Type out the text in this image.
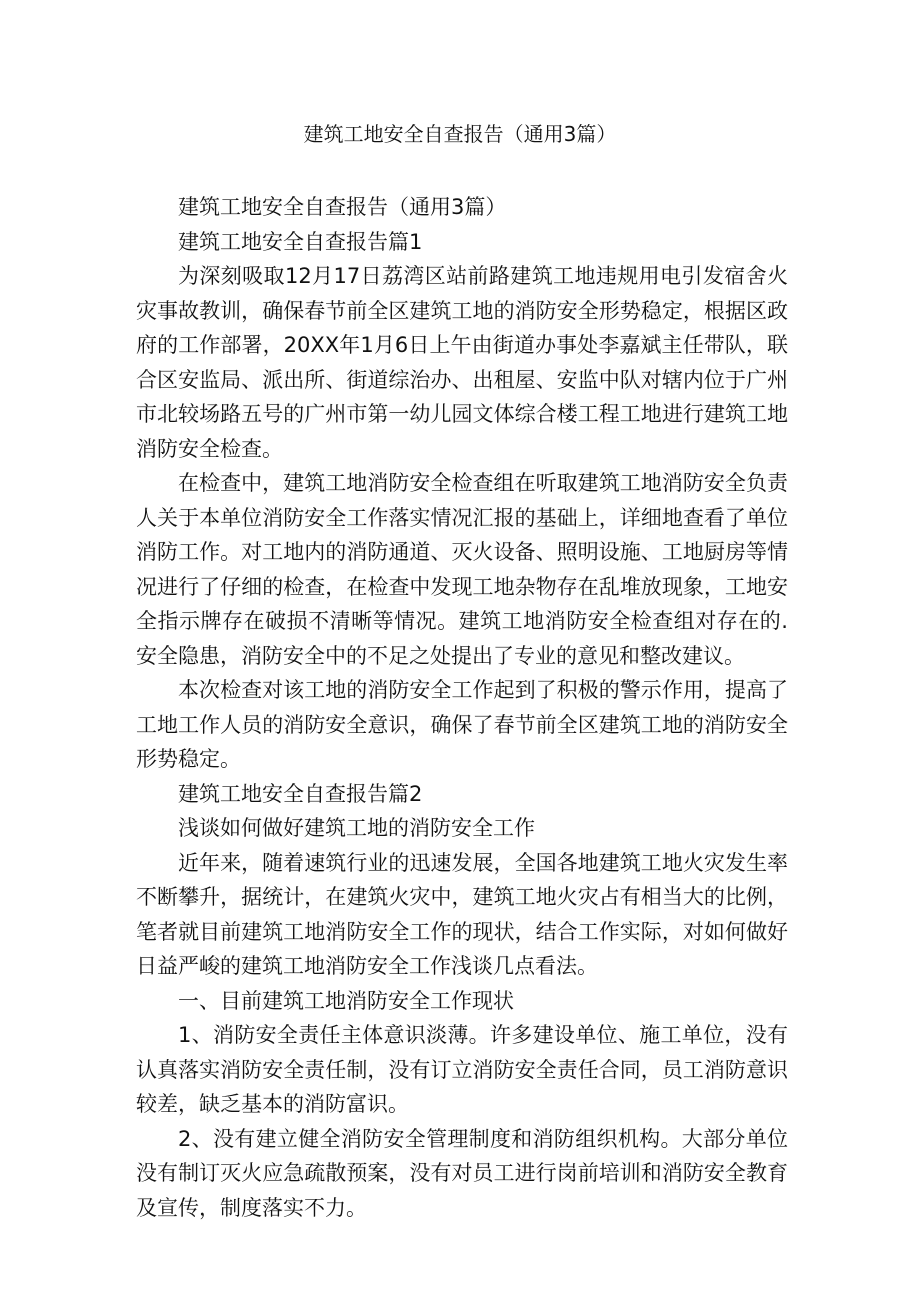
建筑工地安全自查报告（通用3篇）

建筑工地安全自查报告（通用3篇）

建筑工地安全自查报告篇1

为深刻吸取12月17日荔湾区站前路建筑工地违规用电引发宿舍火灾事故教训，确保春节前全区建筑工地的消防安全形势稳定，根据区政府的工作部署，20XX年1月6日上午由街道办事处李嘉斌主任带队，联合区安监局、派出所、街道综治办、出租屋、安监中队对辖内位于广州市北较场路五号的广州市第一幼儿园文体综合楼工程工地进行建筑工地消防安全检查。

在检查中，建筑工地消防安全检查组在听取建筑工地消防安全负责人关于本单位消防安全工作落实情况汇报的基础上，详细地查看了单位消防工作。对工地内的消防通道、灭火设备、照明设施、工地厨房等情况进行了仔细的检查，在检查中发现工地杂物存在乱堆放现象，工地安全指示牌存在破损不清晰等情况。建筑工地消防安全检查组对存在的.安全隐患，消防安全中的不足之处提出了专业的意见和整改建议。

本次检查对该工地的消防安全工作起到了积极的警示作用，提高了工地工作人员的消防安全意识，确保了春节前全区建筑工地的消防安全形势稳定。

建筑工地安全自查报告篇2

浅谈如何做好建筑工地的消防安全工作

近年来，随着速筑行业的迅速发展，全国各地建筑工地火灾发生率不断攀升，据统计，在建筑火灾中，建筑工地火灾占有相当大的比例，笔者就目前建筑工地消防安全工作的现状，结合工作实际，对如何做好日益严峻的建筑工地消防安全工作浅谈几点看法。

一、目前建筑工地消防安全工作现状

1、消防安全责任主体意识淡薄。许多建设单位、施工单位，没有认真落实消防安全责任制，没有订立消防安全责任合同，员工消防意识较差，缺乏基本的消防富识。

2、没有建立健全消防安全管理制度和消防组织机构。大部分单位没有制订灭火应急疏散预案，没有对员工进行岗前培训和消防安全教育及宣传，制度落实不力。
